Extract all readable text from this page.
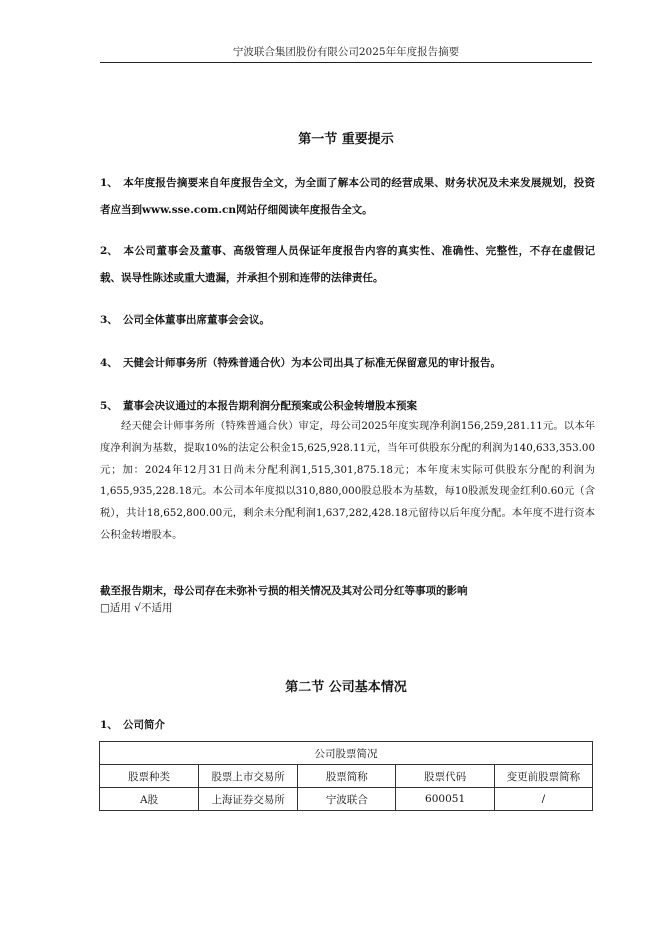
宁波联合集团股份有限公司2025年年度报告摘要
第一节 重要提示
1、 本年度报告摘要来自年度报告全文，为全面了解本公司的经营成果、财务状况及未来发展规划，投资者应当到www.sse.com.cn网站仔细阅读年度报告全文。
2、 本公司董事会及董事、高级管理人员保证年度报告内容的真实性、准确性、完整性，不存在虚假记载、误导性陈述或重大遗漏，并承担个别和连带的法律责任。
3、 公司全体董事出席董事会会议。
4、 天健会计师事务所（特殊普通合伙）为本公司出具了标准无保留意见的审计报告。
5、 董事会决议通过的本报告期利润分配预案或公积金转增股本预案
经天健会计师事务所（特殊普通合伙）审定，母公司2025年度实现净利润156,259,281.11元。以本年度净利润为基数，提取10%的法定公积金15,625,928.11元，当年可供股东分配的利润为140,633,353.00元；加：2024年12月31日尚未分配利润1,515,301,875.18元；本年度末实际可供股东分配的利润为1,655,935,228.18元。本公司本年度拟以310,880,000股总股本为基数，每10股派发现金红利0.60元（含税），共计18,652,800.00元，剩余未分配利润1,637,282,428.18元留待以后年度分配。本年度不进行资本公积金转增股本。
截至报告期末，母公司存在未弥补亏损的相关情况及其对公司分红等事项的影响
□适用 √不适用
第二节 公司基本情况
1、 公司简介
公司股票简况				
股票种类	股票上市交易所	股票简称	股票代码	变更前股票简称
A股	上海证券交易所	宁波联合	600051	/
